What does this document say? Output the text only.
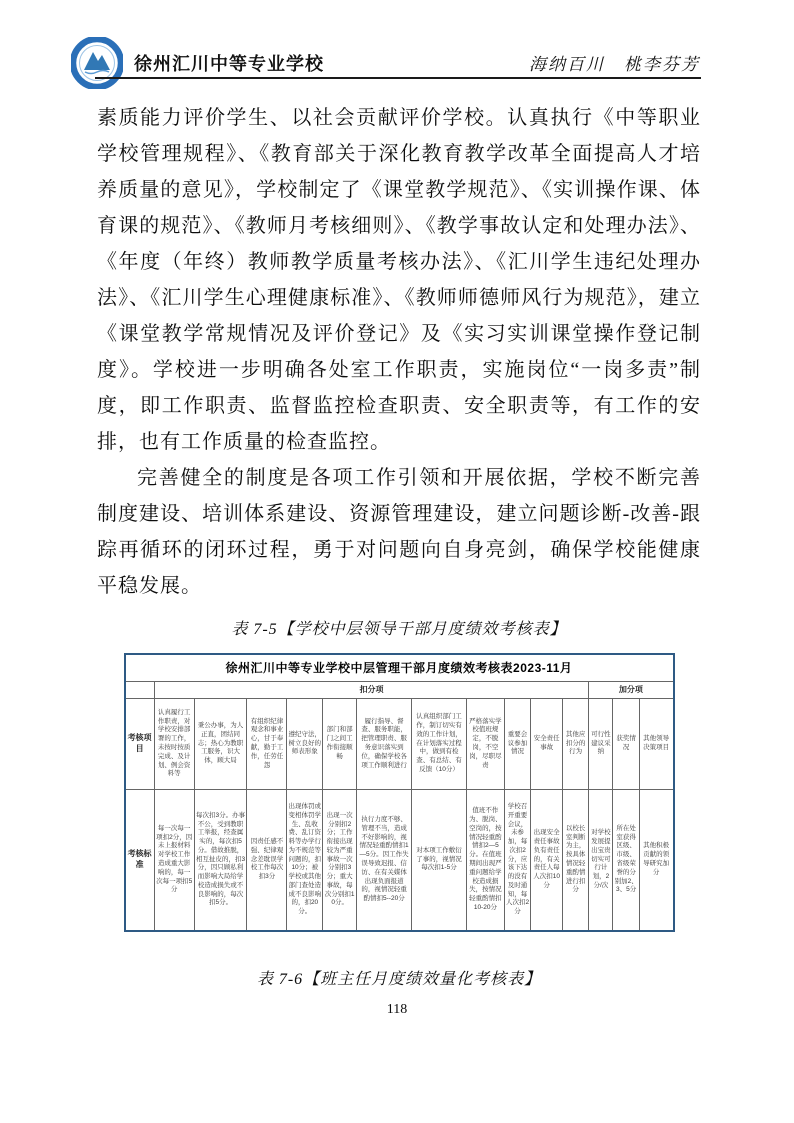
徐州汇川中等专业学校	海纳百川　桃李芬芳

素质能力评价学生、以社会贡献评价学校。认真执行《中等职业学校管理规程》、《教育部关于深化教育教学改革全面提高人才培养质量的意见》，学校制定了《课堂教学规范》、《实训操作课、体育课的规范》、《教师月考核细则》、《教学事故认定和处理办法》、《年度（年终）教师教学质量考核办法》、《汇川学生违纪处理办法》、《汇川学生心理健康标准》、《教师师德师风行为规范》，建立《课堂教学常规情况及评价登记》及《实习实训课堂操作登记制度》。学校进一步明确各处室工作职责，实施岗位“一岗多责”制度，即工作职责、监督监控检查职责、安全职责等，有工作的安排，也有工作质量的检查监控。

完善健全的制度是各项工作引领和开展依据，学校不断完善制度建设、培训体系建设、资源管理建设，建立问题诊断-改善-跟踪再循环的闭环过程，勇于对问题向自身亮剑，确保学校能健康平稳发展。

表 7-5【学校中层领导干部月度绩效考核表】

徐州汇川中等专业学校中层管理干部月度绩效考核表2023-11月														
	扣分项											加分项		
考核项目	认真履行工作职责，对学校安排部署的工作，未按时按质完成、及计划、例会资料等	秉公办事，为人正直，团结同志；热心为教职工服务，识大体，顾大局	有组织纪律观念和事业心，甘于奉献，勤于工作，任劳任怨	遵纪守法，树立良好的师表形象	部门和部门之间工作衔接顺畅	履行指导、督查、服务职能，把管理职责、服务意识落实到位，确保学校各项工作顺利进行	认真组织部门工作，制订切实有效的工作计划，在计划落实过程中，做到有检查、有总结、有反馈（10分）	严格落实学校值班规定，不脱岗，不空岗，尽职尽责	重要会议参加情况	安全责任事故	其他应扣分的行为	可行性建议采纳	获奖情况	其他领导决策项目
考核标准	每一次每一项扣2分，因未上报材料对学校工作造成重大影响的，每一次每一项扣5分	每次扣3分。办事不公，受到教职工举报，经查属实的，每次扣5分。借故推脱，相互扯皮的，扣3分，因只顾私利而影响大局给学校造成损失或不良影响的，每次扣5分。	因责任感不强、纪律观念差耽误学校工作每次扣3分	出现体罚或变相体罚学生、乱收费、乱订资料等办学行为不规范等问题的，扣10分；被学校或其他部门查处造成不良影响的，扣20分。	出现一次分别扣2分；工作衔接出现较为严重事故一次分别扣3分；重大事故，每次分别扣10分。	执行力度不够、管理不当，造成不好影响的，视情况轻重酌情扣1—5分。因工作失误导致迟报、信访、在有关媒体出现负面报道的，视情况轻重酌情扣5--20分	对本项工作敷衍了事的，视情况每次扣1-5分	值班不作为、脱岗、空岗的，按情况轻重酌情扣2—5分。在值班期间出现严重问题给学校造成损失，按情况轻重酌情扣10-20分	学校召开重要会议，未参加，每次扣2分，应该下达的没有及时通知，每人次扣2分	出现安全责任事故负有责任的，有关责任人每人次扣10分	以校长室判断为主，按具体情况轻重酌情进行扣分	对学校发展提出宝贵切实可行计划，2分/次	所在处室获得区级、市级、省级荣誉的分别加2、3、5分	其他积极贡献的领导研究加分

表 7-6【班主任月度绩效量化考核表】

118
